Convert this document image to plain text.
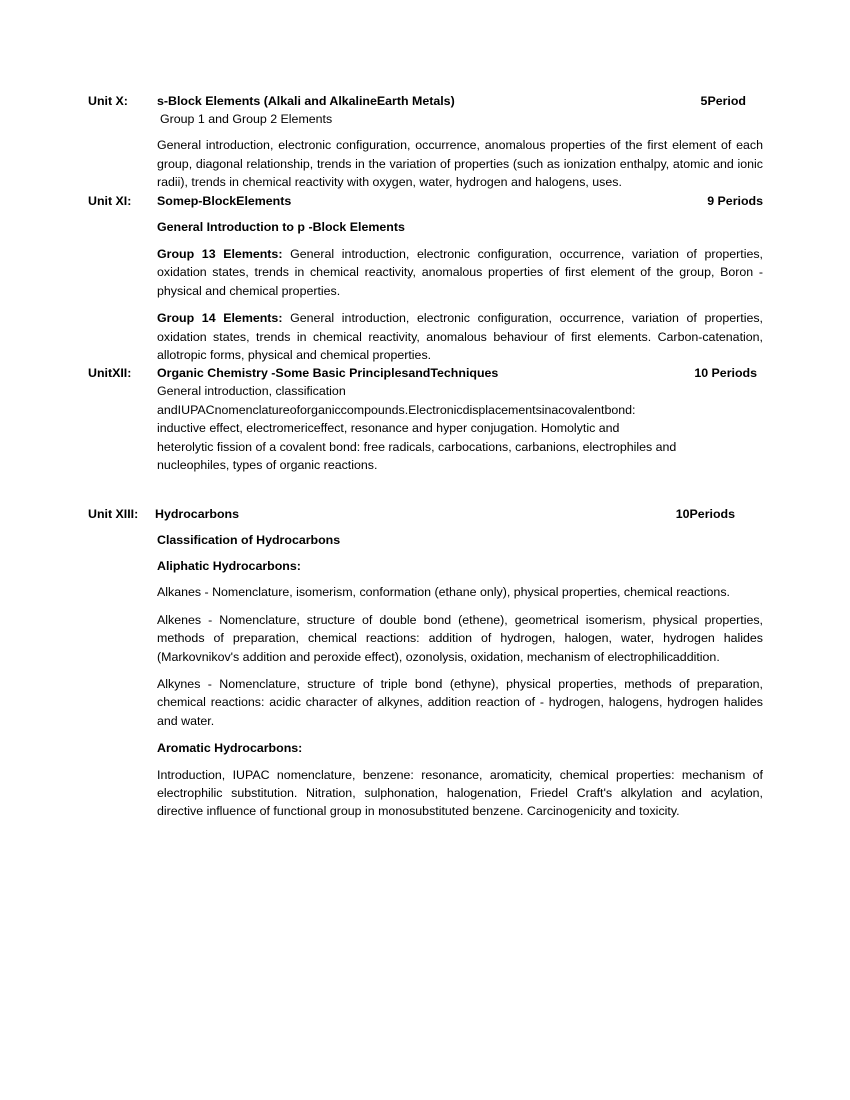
Unit X:	s-Block Elements (Alkali and AlkalineEarth Metals)	5Period

Group 1 and Group 2 Elements

General introduction, electronic configuration, occurrence, anomalous properties of the first element of each group, diagonal relationship, trends in the variation of properties (such as ionization enthalpy, atomic and ionic radii), trends in chemical reactivity with oxygen, water, hydrogen and halogens, uses.

Unit XI:	Somep-BlockElements	9 Periods

General Introduction to p -Block Elements

Group 13 Elements: General introduction, electronic configuration, occurrence, variation of properties, oxidation states, trends in chemical reactivity, anomalous properties of first element of the group, Boron - physical and chemical properties.

Group 14 Elements: General introduction, electronic configuration, occurrence, variation of properties, oxidation states, trends in chemical reactivity, anomalous behaviour of first elements. Carbon-catenation, allotropic forms, physical and chemical properties.

UnitXII:	Organic Chemistry -Some Basic PrinciplesandTechniques	10 Periods

General introduction, classification

andIUPACnomenclatureoforganiccompounds.Electronicdisplacementsinacovalentbond:

inductive effect, electromericeffect, resonance and hyper conjugation. Homolytic and

heterolytic fission of a covalent bond: free radicals, carbocations, carbanions, electrophiles and

nucleophiles, types of organic reactions.

Unit XIII:	Hydrocarbons	10Periods

Classification of Hydrocarbons

Aliphatic Hydrocarbons:

Alkanes - Nomenclature, isomerism, conformation (ethane only), physical properties, chemical reactions.

Alkenes - Nomenclature, structure of double bond (ethene), geometrical isomerism, physical properties, methods of preparation, chemical reactions: addition of hydrogen, halogen, water, hydrogen halides (Markovnikov's addition and peroxide effect), ozonolysis, oxidation, mechanism of electrophilicaddition.

Alkynes - Nomenclature, structure of triple bond (ethyne), physical properties, methods of preparation, chemical reactions: acidic character of alkynes, addition reaction of - hydrogen, halogens, hydrogen halides and water.

Aromatic Hydrocarbons:

Introduction, IUPAC nomenclature, benzene: resonance, aromaticity, chemical properties: mechanism of electrophilic substitution. Nitration, sulphonation, halogenation, Friedel Craft's alkylation and acylation, directive influence of functional group in monosubstituted benzene. Carcinogenicity and toxicity.
